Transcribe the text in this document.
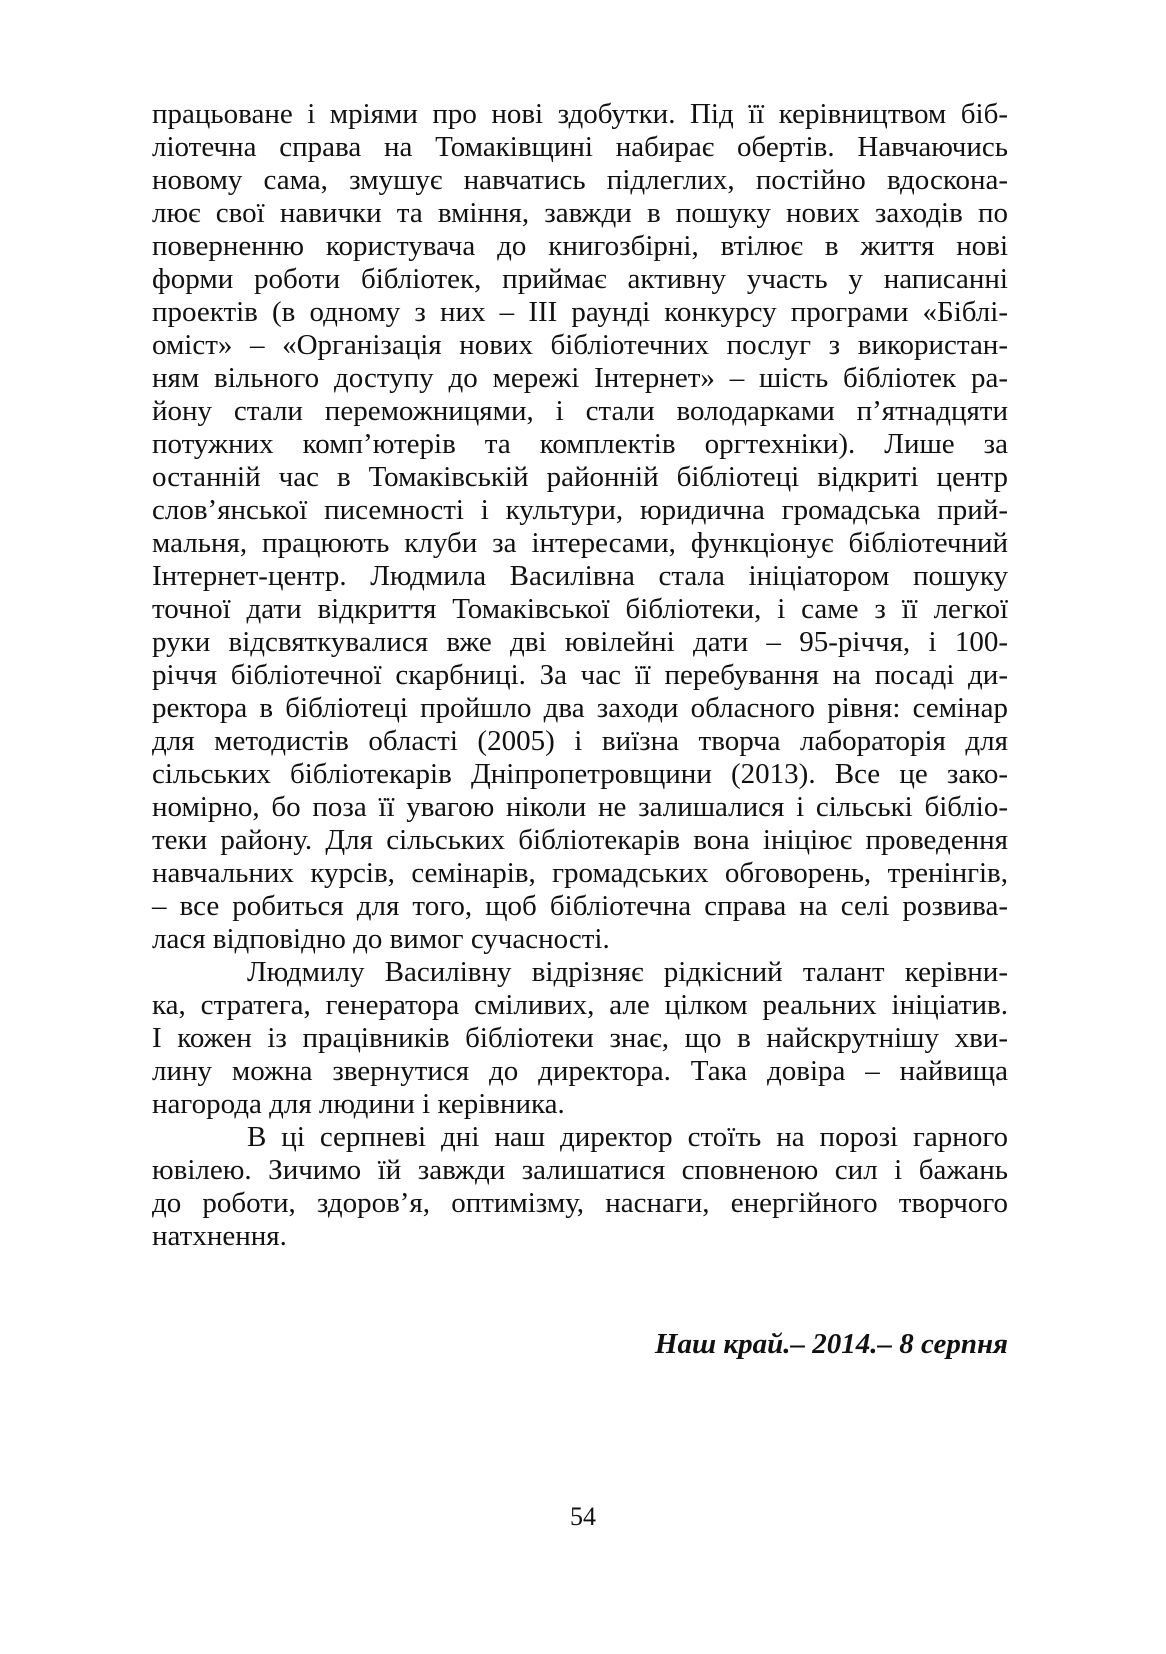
працьоване і мріями про нові здобутки. Під її керівництвом біб-
ліотечна справа на Томаківщині набирає обертів. Навчаючись
новому сама, змушує навчатись підлеглих, постійно вдоскона-
лює свої навички та вміння, завжди в пошуку нових заходів по
поверненню користувача до книгозбірні, втілює в життя нові
форми роботи бібліотек, приймає активну участь у написанні
проектів (в одному з них – ІІІ раунді конкурсу програми «Біблі-
оміст» – «Організація нових бібліотечних послуг з використан-
ням вільного доступу до мережі Інтернет» – шість бібліотек ра-
йону стали переможницями, і стали володарками п’ятнадцяти
потужних комп’ютерів та комплектів оргтехніки). Лише за
останній час в Томаківській районній бібліотеці відкриті центр
слов’янської писемності і культури, юридична громадська прий-
мальня, працюють клуби за інтересами, функціонує бібліотечний
Інтернет-центр. Людмила Василівна стала ініціатором пошуку
точної дати відкриття Томаківської бібліотеки, і саме з її легкої
руки відсвяткувалися вже дві ювілейні дати – 95-річчя, і 100-
річчя бібліотечної скарбниці. За час її перебування на посаді ди-
ректора в бібліотеці пройшло два заходи обласного рівня: семінар
для методистів області (2005) і виїзна творча лабораторія для
сільських бібліотекарів Дніпропетровщини (2013). Все це зако-
номірно, бо поза її увагою ніколи не залишалися і сільські бібліо-
теки району. Для сільських бібліотекарів вона ініціює проведення
навчальних курсів, семінарів, громадських обговорень, тренінгів,
– все робиться для того, щоб бібліотечна справа на селі розвива-
лася відповідно до вимог сучасності.
Людмилу Василівну відрізняє рідкісний талант керівни-
ка, стратега, генератора сміливих, але цілком реальних ініціатив.
І кожен із працівників бібліотеки знає, що в найскрутнішу хви-
лину можна звернутися до директора. Така довіра – найвища
нагорода для людини і керівника.
В ці серпневі дні наш директор стоїть на порозі гарного
ювілею. Зичимо їй завжди залишатися сповненою сил і бажань
до роботи, здоров’я, оптимізму, наснаги, енергійного творчого
натхнення.
Наш край.– 2014.– 8 серпня
54
